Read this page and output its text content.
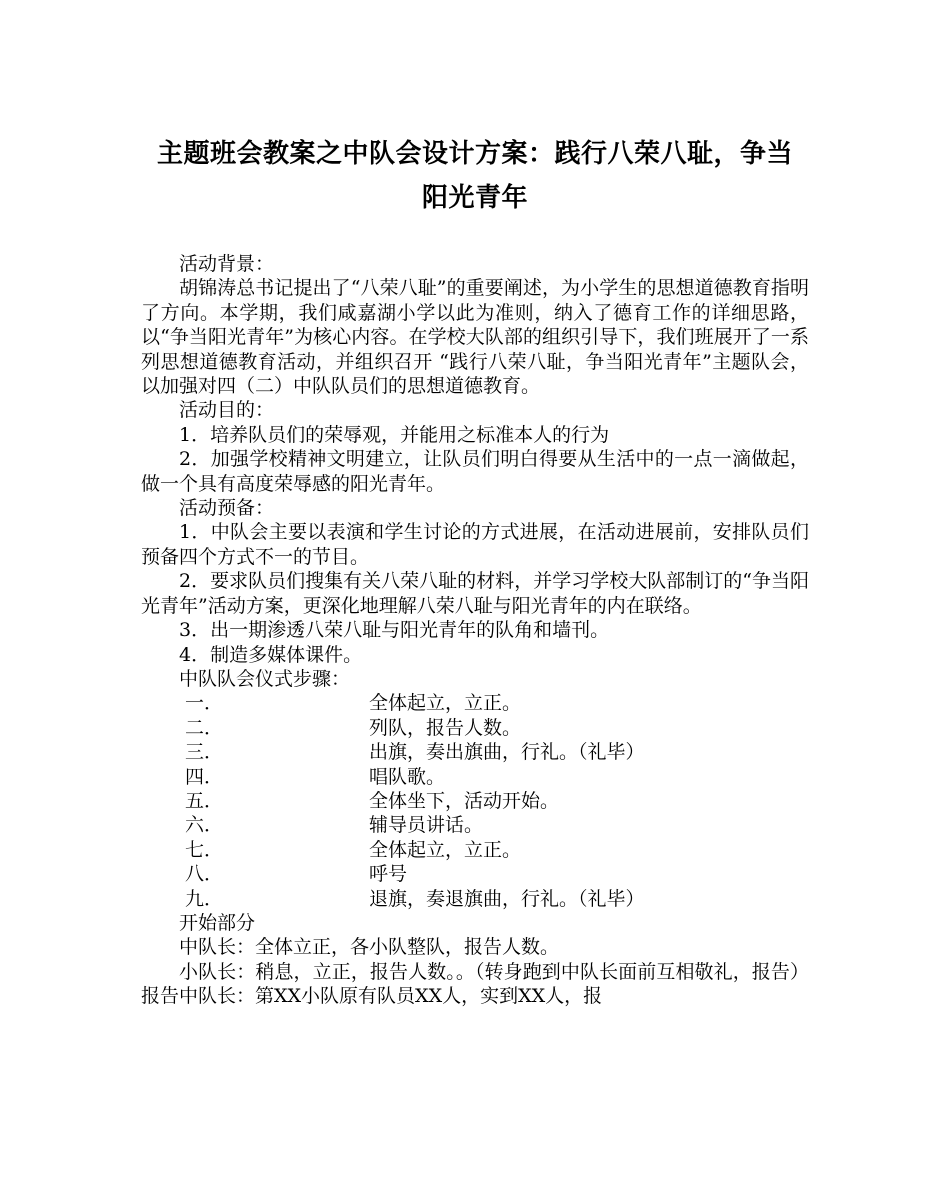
主题班会教案之中队会设计方案：践行八荣八耻，争当
阳光青年

活动背景：

胡锦涛总书记提出了“八荣八耻”的重要阐述，为小学生的思想道德教育指明了方向。本学期，我们咸嘉湖小学以此为准则，纳入了德育工作的详细思路，以“争当阳光青年”为核心内容。在学校大队部的组织引导下，我们班展开了一系列思想道德教育活动，并组织召开 “践行八荣八耻，争当阳光青年”主题队会，以加强对四（二）中队队员们的思想道德教育。

活动目的：

1．培养队员们的荣辱观，并能用之标准本人的行为

2．加强学校精神文明建立，让队员们明白得要从生活中的一点一滴做起，做一个具有高度荣辱感的阳光青年。

活动预备：

1．中队会主要以表演和学生讨论的方式进展，在活动进展前，安排队员们预备四个方式不一的节目。

2．要求队员们搜集有关八荣八耻的材料，并学习学校大队部制订的“争当阳光青年”活动方案，更深化地理解八荣八耻与阳光青年的内在联络。

3．出一期渗透八荣八耻与阳光青年的队角和墙刊。

4．制造多媒体课件。

中队队会仪式步骤：

一．	全体起立，立正。
二．	列队，报告人数。
三．	出旗，奏出旗曲，行礼。（礼毕）
四．	唱队歌。
五．	全体坐下，活动开始。
六．	辅导员讲话。
七．	全体起立，立正。
八．	呼号
九．	退旗，奏退旗曲，行礼。（礼毕）

开始部分

中队长：全体立正，各小队整队，报告人数。

小队长：稍息，立正，报告人数。。（转身跑到中队长面前互相敬礼，报告）报告中队长：第XX小队原有队员XX人，实到XX人，报
